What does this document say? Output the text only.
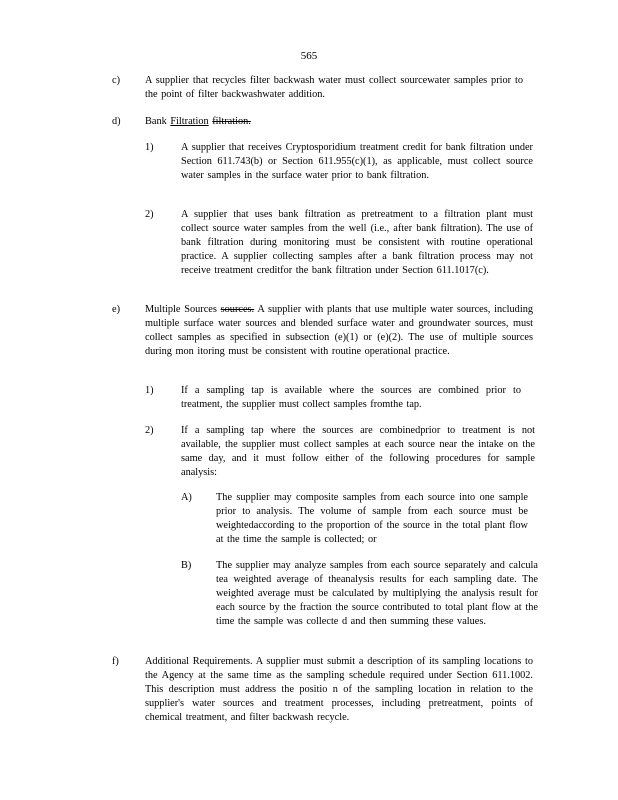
565
c) A supplier that recycles filter backwash water must collect sourcewater samples prior to the point of filter backwashwater addition.
d) Bank Filtration filtration.
1)	A supplier that receives Cryptosporidium treatment credit for bank filtration under Section 611.743(b) or Section 611.955(c)(1), as applicable, must collect source water samples in the surface water prior to bank filtration.
2)	A supplier that uses bank filtration as pretreatment to a filtration plant must collect source water samples from the well (i.e., after bank filtration). The use of bank filtration during monitoring must be consistent with routine operational practice. A supplier collecting samples after a bank filtration process may not receive treatment creditfor the bank filtration under Section 611.1017(c).
e) Multiple Sources sources. A supplier with plants that use multiple water sources, including multiple surface water sources and blended surface water and groundwater sources, must collect samples as specified in subsection (e)(1) or (e)(2). The use of multiple sources during mon itoring must be consistent with routine operational practice.
1)	If a sampling tap is available where the sources are combined prior to treatment, the supplier must collect samples fromthe tap.
2)	If a sampling tap where the sources are combinedprior to treatment is not available, the supplier must collect samples at each source near the intake on the same day, and it must follow either of the following procedures for sample analysis:
A) The supplier may composite samples from each source into one sample prior to analysis. The volume of sample from each source must be weightedaccording to the proportion of the source in the total plant flow at the time the sample is collected; or
B) The supplier may analyze samples from each source separately and calcula tea weighted average of theanalysis results for each sampling date. The weighted average must be calculated by multiplying the analysis result for each source by the fraction the source contributed to total plant flow at the time the sample was collecte d and then summing these values.
f)	Additional Requirements. A supplier must submit a description of its sampling locations to the Agency at the same time as the sampling schedule required under Section 611.1002. This description must address the positio n of the sampling location in relation to the supplier's water sources and treatment processes, including pretreatment, points of chemical treatment, and filter backwash recycle.
